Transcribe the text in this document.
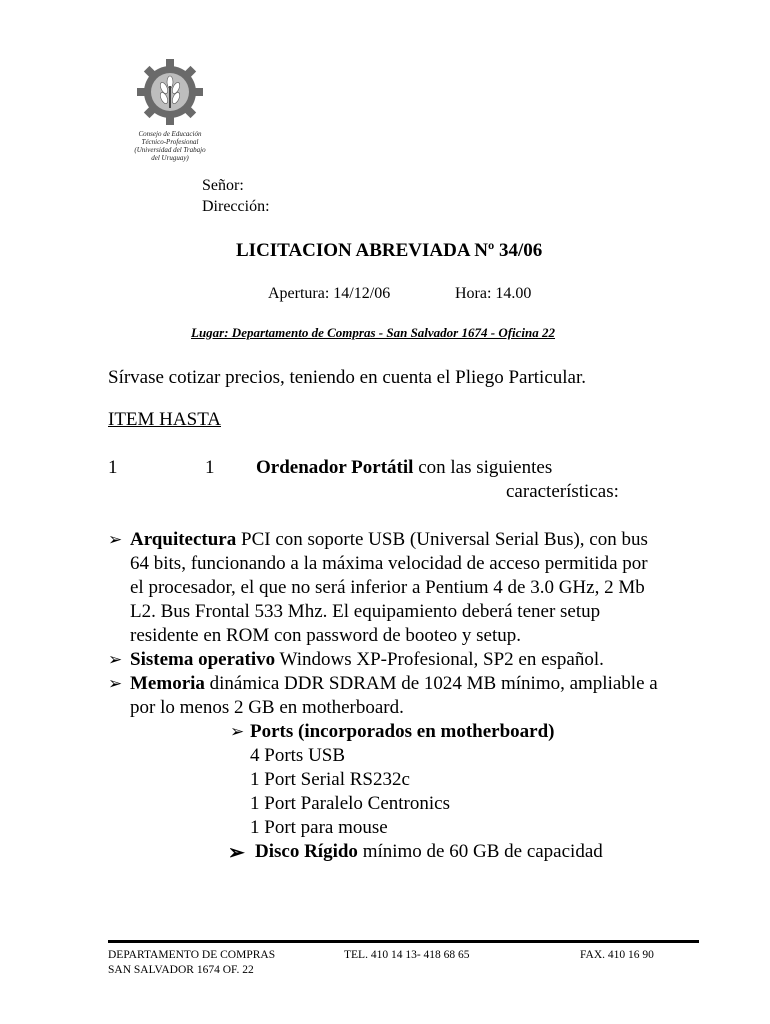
Consejo de Educación
Técnico-Profesional
(Universidad del Trabajo
del Uruguay)
Señor:
Dirección:
LICITACION ABREVIADA Nº 34/06
Apertura: 14/12/06	Hora: 14.00
Lugar: Departamento de Compras - San Salvador 1674 - Oficina 22
Sírvase cotizar precios, teniendo en cuenta el Pliego Particular.
ITEM HASTA
1	1 Ordenador Portátil con las siguientes
características:
➢ Arquitectura PCI con soporte USB (Universal Serial Bus), con bus
64 bits, funcionando a la máxima velocidad de acceso permitida por
el procesador, el que no será inferior a Pentium 4 de 3.0 GHz, 2 Mb
L2. Bus Frontal 533 Mhz. El equipamiento deberá tener setup
residente en ROM con password de booteo y setup.
➢ Sistema operativo Windows XP-Profesional, SP2 en español.
➢ Memoria dinámica DDR SDRAM de 1024 MB mínimo, ampliable a
por lo menos 2 GB en motherboard.
➢ Ports (incorporados en motherboard)
4 Ports USB
1 Port Serial RS232c
1 Port Paralelo Centronics
1 Port para mouse
➢ Disco Rígido mínimo de 60 GB de capacidad
DEPARTAMENTO DE COMPRAS
SAN SALVADOR 1674 OF. 22
TEL. 410 14 13- 418 68 65	FAX. 410 16 90
